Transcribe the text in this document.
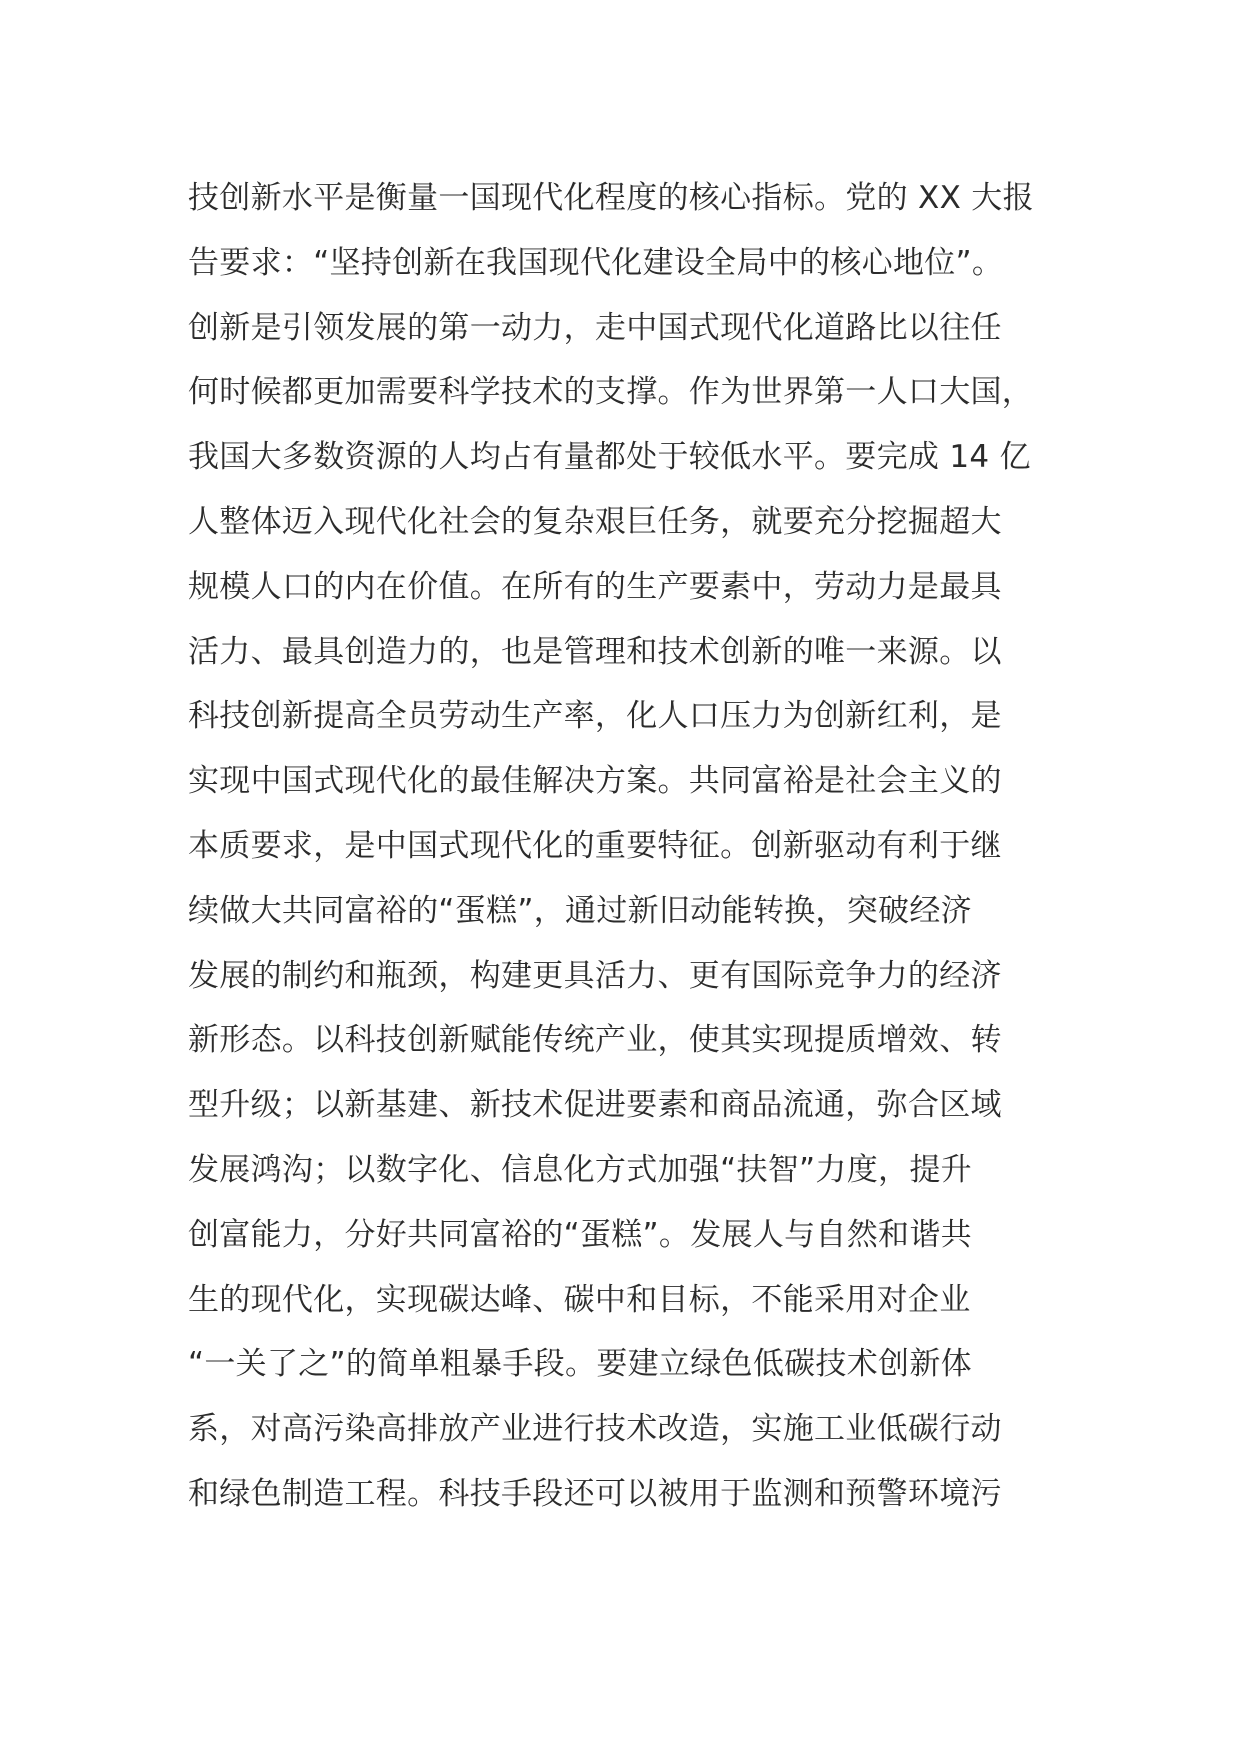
技创新水平是衡量一国现代化程度的核心指标。党的 XX 大报
告要求：“坚持创新在我国现代化建设全局中的核心地位”。
创新是引领发展的第一动力，走中国式现代化道路比以往任
何时候都更加需要科学技术的支撑。作为世界第一人口大国，
我国大多数资源的人均占有量都处于较低水平。要完成 14 亿
人整体迈入现代化社会的复杂艰巨任务，就要充分挖掘超大
规模人口的内在价值。在所有的生产要素中，劳动力是最具
活力、最具创造力的，也是管理和技术创新的唯一来源。以
科技创新提高全员劳动生产率，化人口压力为创新红利，是
实现中国式现代化的最佳解决方案。共同富裕是社会主义的
本质要求，是中国式现代化的重要特征。创新驱动有利于继
续做大共同富裕的“蛋糕”，通过新旧动能转换，突破经济
发展的制约和瓶颈，构建更具活力、更有国际竞争力的经济
新形态。以科技创新赋能传统产业，使其实现提质增效、转
型升级；以新基建、新技术促进要素和商品流通，弥合区域
发展鸿沟；以数字化、信息化方式加强“扶智”力度，提升
创富能力，分好共同富裕的“蛋糕”。发展人与自然和谐共
生的现代化，实现碳达峰、碳中和目标，不能采用对企业
“一关了之”的简单粗暴手段。要建立绿色低碳技术创新体
系，对高污染高排放产业进行技术改造，实施工业低碳行动
和绿色制造工程。科技手段还可以被用于监测和预警环境污
